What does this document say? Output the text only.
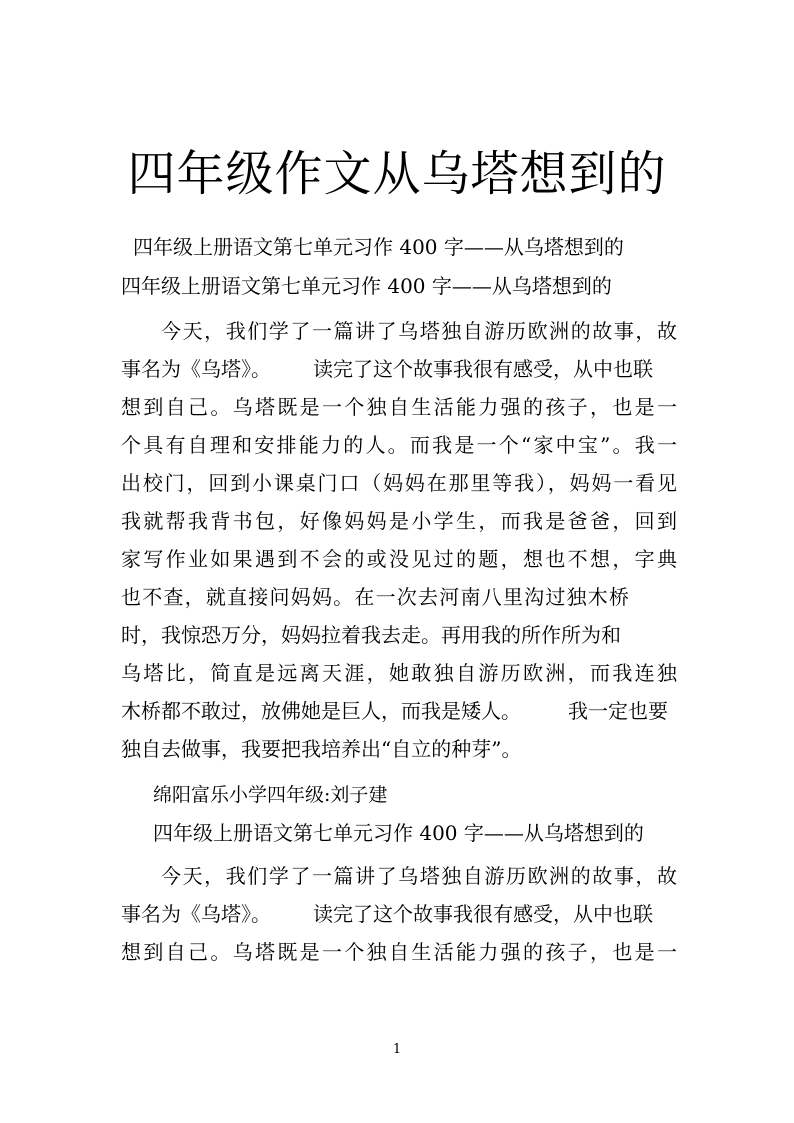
四年级作文从乌塔想到的

四年级上册语文第七单元习作 400 字——从乌塔想到的

四年级上册语文第七单元习作 400 字——从乌塔想到的

今天，我们学了一篇讲了乌塔独自游历欧洲的故事，故

事名为《乌塔》。 读完了这个故事我很有感受，从中也联

想到自己。乌塔既是一个独自生活能力强的孩子，也是一

个具有自理和安排能力的人。而我是一个“家中宝”。我一

出校门，回到小课桌门口（妈妈在那里等我），妈妈一看见

我就帮我背书包，好像妈妈是小学生，而我是爸爸，回到

家写作业如果遇到不会的或没见过的题，想也不想，字典

也不查，就直接问妈妈。在一次去河南八里沟过独木桥

时，我惊恐万分，妈妈拉着我去走。再用我的所作所为和

乌塔比，简直是远离天涯，她敢独自游历欧洲，而我连独

木桥都不敢过，放佛她是巨人，而我是矮人。 我一定也要

独自去做事，我要把我培养出“自立的种芽”。

绵阳富乐小学四年级:刘子建

四年级上册语文第七单元习作 400 字——从乌塔想到的

今天，我们学了一篇讲了乌塔独自游历欧洲的故事，故

事名为《乌塔》。 读完了这个故事我很有感受，从中也联

想到自己。乌塔既是一个独自生活能力强的孩子，也是一

1
